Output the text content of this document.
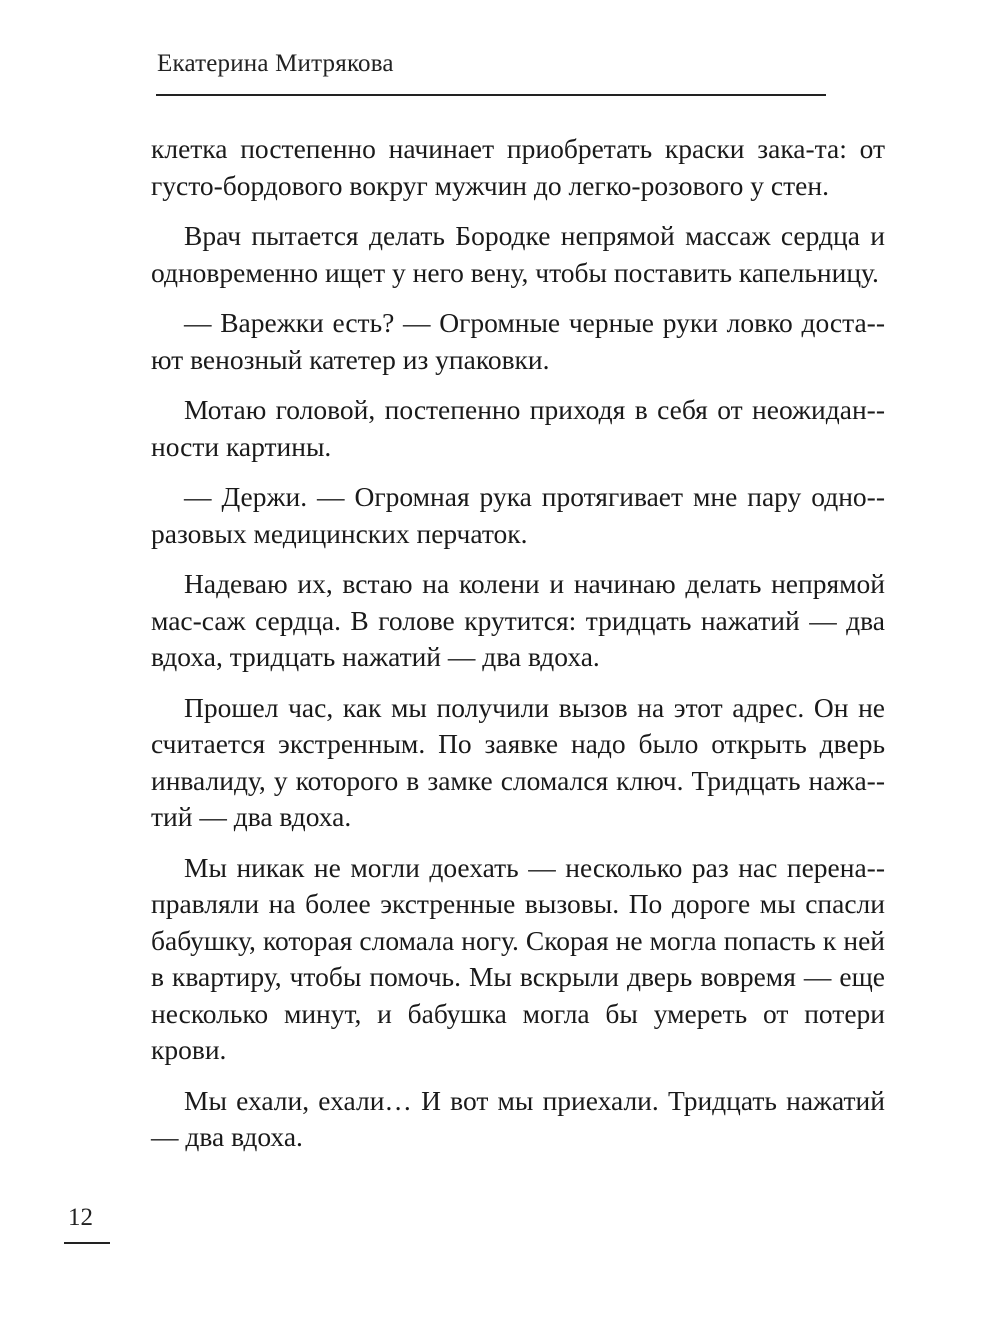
Екатерина Митрякова

клетка постепенно начинает приобретать краски зака-та: от густо-бордового вокруг мужчин до легко-розового у стен.

Врач пытается делать Бородке непрямой массаж сердца и одновременно ищет у него вену, чтобы поставить капельницу.

— Варежки есть? — Огромные черные руки ловко доста-ют венозный катетер из упаковки.

Мотаю головой, постепенно приходя в себя от неожидан-ности картины.

— Держи. — Огромная рука протягивает мне пару одно-разовых медицинских перчаток.

Надеваю их, встаю на колени и начинаю делать непрямой мас-саж сердца. В голове крутится: тридцать нажатий — два вдоха, тридцать нажатий — два вдоха.

Прошел час, как мы получили вызов на этот адрес. Он не считается экстренным. По заявке надо было открыть дверь инвалиду, у которого в замке сломался ключ. Тридцать нажа-тий — два вдоха.

Мы никак не могли доехать — несколько раз нас перена-правляли на более экстренные вызовы. По дороге мы спасли бабушку, которая сломала ногу. Скорая не могла попасть к ней в квартиру, чтобы помочь. Мы вскрыли дверь вовремя — еще несколько минут, и бабушка могла бы умереть от потери крови.

Мы ехали, ехали… И вот мы приехали. Тридцать нажатий — два вдоха.

12
